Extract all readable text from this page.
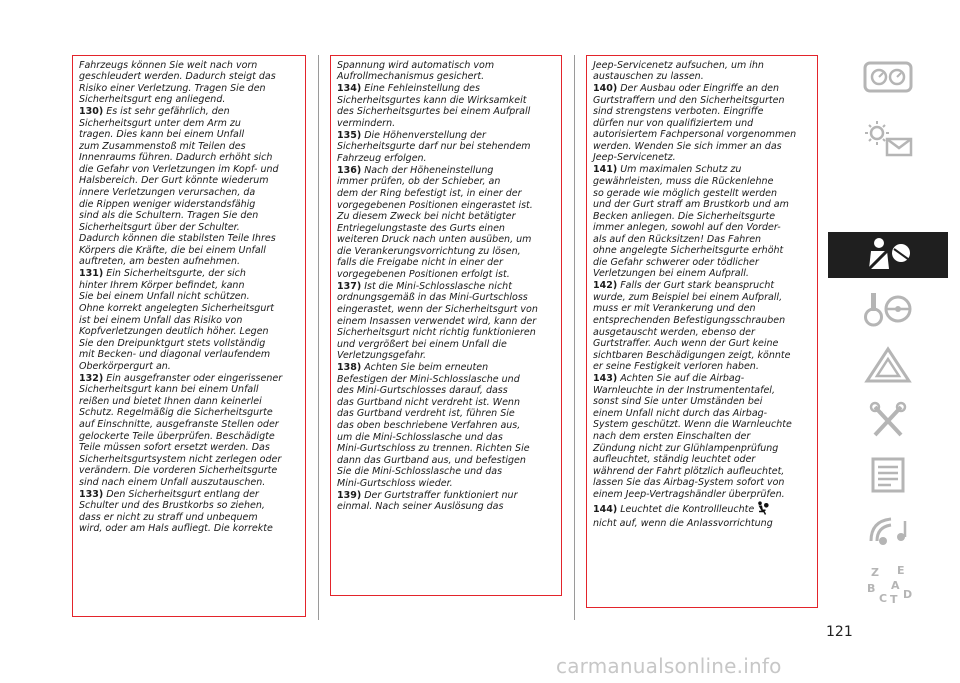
Fahrzeugs können Sie weit nach vorn
geschleudert werden. Dadurch steigt das
Risiko einer Verletzung. Tragen Sie den
Sicherheitsgurt eng anliegend.

130) Es ist sehr gefährlich, den
Sicherheitsgurt unter dem Arm zu
tragen. Dies kann bei einem Unfall
zum Zusammenstoß mit Teilen des
Innenraums führen. Dadurch erhöht sich
die Gefahr von Verletzungen im Kopf- und
Halsbereich. Der Gurt könnte wiederum
innere Verletzungen verursachen, da
die Rippen weniger widerstandsfähig
sind als die Schultern. Tragen Sie den
Sicherheitsgurt über der Schulter.
Dadurch können die stabilsten Teile Ihres
Körpers die Kräfte, die bei einem Unfall
auftreten, am besten aufnehmen.

131) Ein Sicherheitsgurte, der sich
hinter Ihrem Körper befindet, kann
Sie bei einem Unfall nicht schützen.
Ohne korrekt angelegten Sicherheitsgurt
ist bei einem Unfall das Risiko von
Kopfverletzungen deutlich höher. Legen
Sie den Dreipunktgurt stets vollständig
mit Becken- und diagonal verlaufendem
Oberkörpergurt an.

132) Ein ausgefranster oder eingerissener
Sicherheitsgurt kann bei einem Unfall
reißen und bietet Ihnen dann keinerlei
Schutz. Regelmäßig die Sicherheitsgurte
auf Einschnitte, ausgefranste Stellen oder
gelockerte Teile überprüfen. Beschädigte
Teile müssen sofort ersetzt werden. Das
Sicherheitsgurtsystem nicht zerlegen oder
verändern. Die vorderen Sicherheitsgurte
sind nach einem Unfall auszutauschen.

133) Den Sicherheitsgurt entlang der
Schulter und des Brustkorbs so ziehen,
dass er nicht zu straff und unbequem
wird, oder am Hals aufliegt. Die korrekte

Spannung wird automatisch vom
Aufrollmechanismus gesichert.

134) Eine Fehleinstellung des
Sicherheitsgurtes kann die Wirksamkeit
des Sicherheitsgurtes bei einem Aufprall
vermindern.

135) Die Höhenverstellung der
Sicherheitsgurte darf nur bei stehendem
Fahrzeug erfolgen.

136) Nach der Höheneinstellung
immer prüfen, ob der Schieber, an
dem der Ring befestigt ist, in einer der
vorgegebenen Positionen eingerastet ist.
Zu diesem Zweck bei nicht betätigter
Entriegelungstaste des Gurts einen
weiteren Druck nach unten ausüben, um
die Verankerungsvorrichtung zu lösen,
falls die Freigabe nicht in einer der
vorgegebenen Positionen erfolgt ist.

137) Ist die Mini-Schlosslasche nicht
ordnungsgemäß in das Mini-Gurtschloss
eingerastet, wenn der Sicherheitsgurt von
einem Insassen verwendet wird, kann der
Sicherheitsgurt nicht richtig funktionieren
und vergrößert bei einem Unfall die
Verletzungsgefahr.

138) Achten Sie beim erneuten
Befestigen der Mini-Schlosslasche und
des Mini-Gurtschlosses darauf, dass
das Gurtband nicht verdreht ist. Wenn
das Gurtband verdreht ist, führen Sie
das oben beschriebene Verfahren aus,
um die Mini-Schlosslasche und das
Mini-Gurtschloss zu trennen. Richten Sie
dann das Gurtband aus, und befestigen
Sie die Mini-Schlosslasche und das
Mini-Gurtschloss wieder.

139) Der Gurtstraffer funktioniert nur
einmal. Nach seiner Auslösung das

Jeep-Servicenetz aufsuchen, um ihn
austauschen zu lassen.

140) Der Ausbau oder Eingriffe an den
Gurtstraffern und den Sicherheitsgurten
sind strengstens verboten. Eingriffe
dürfen nur von qualifiziertem und
autorisiertem Fachpersonal vorgenommen
werden. Wenden Sie sich immer an das
Jeep-Servicenetz.

141) Um maximalen Schutz zu
gewährleisten, muss die Rückenlehne
so gerade wie möglich gestellt werden
und der Gurt straff am Brustkorb und am
Becken anliegen. Die Sicherheitsgurte
immer anlegen, sowohl auf den Vorder-
als auf den Rücksitzen! Das Fahren
ohne angelegte Sicherheitsgurte erhöht
die Gefahr schwerer oder tödlicher
Verletzungen bei einem Aufprall.

142) Falls der Gurt stark beansprucht
wurde, zum Beispiel bei einem Aufprall,
muss er mit Verankerung und den
entsprechenden Befestigungsschrauben
ausgetauscht werden, ebenso der
Gurtstraffer. Auch wenn der Gurt keine
sichtbaren Beschädigungen zeigt, könnte
er seine Festigkeit verloren haben.

143) Achten Sie auf die Airbag-
Warnleuchte in der Instrumententafel,
sonst sind Sie unter Umständen bei
einem Unfall nicht durch das Airbag-
System geschützt. Wenn die Warnleuchte
nach dem ersten Einschalten der
Zündung nicht zur Glühlampenprüfung
aufleuchtet, ständig leuchtet oder
während der Fahrt plötzlich aufleuchtet,
lassen Sie das Airbag-System sofort von
einem Jeep-Vertragshändler überprüfen.

144) Leuchtet die Kontrollleuchte
nicht auf, wenn die Anlassvorrichtung

Z E
B A
C D
T
121
carmanualsonline.info
